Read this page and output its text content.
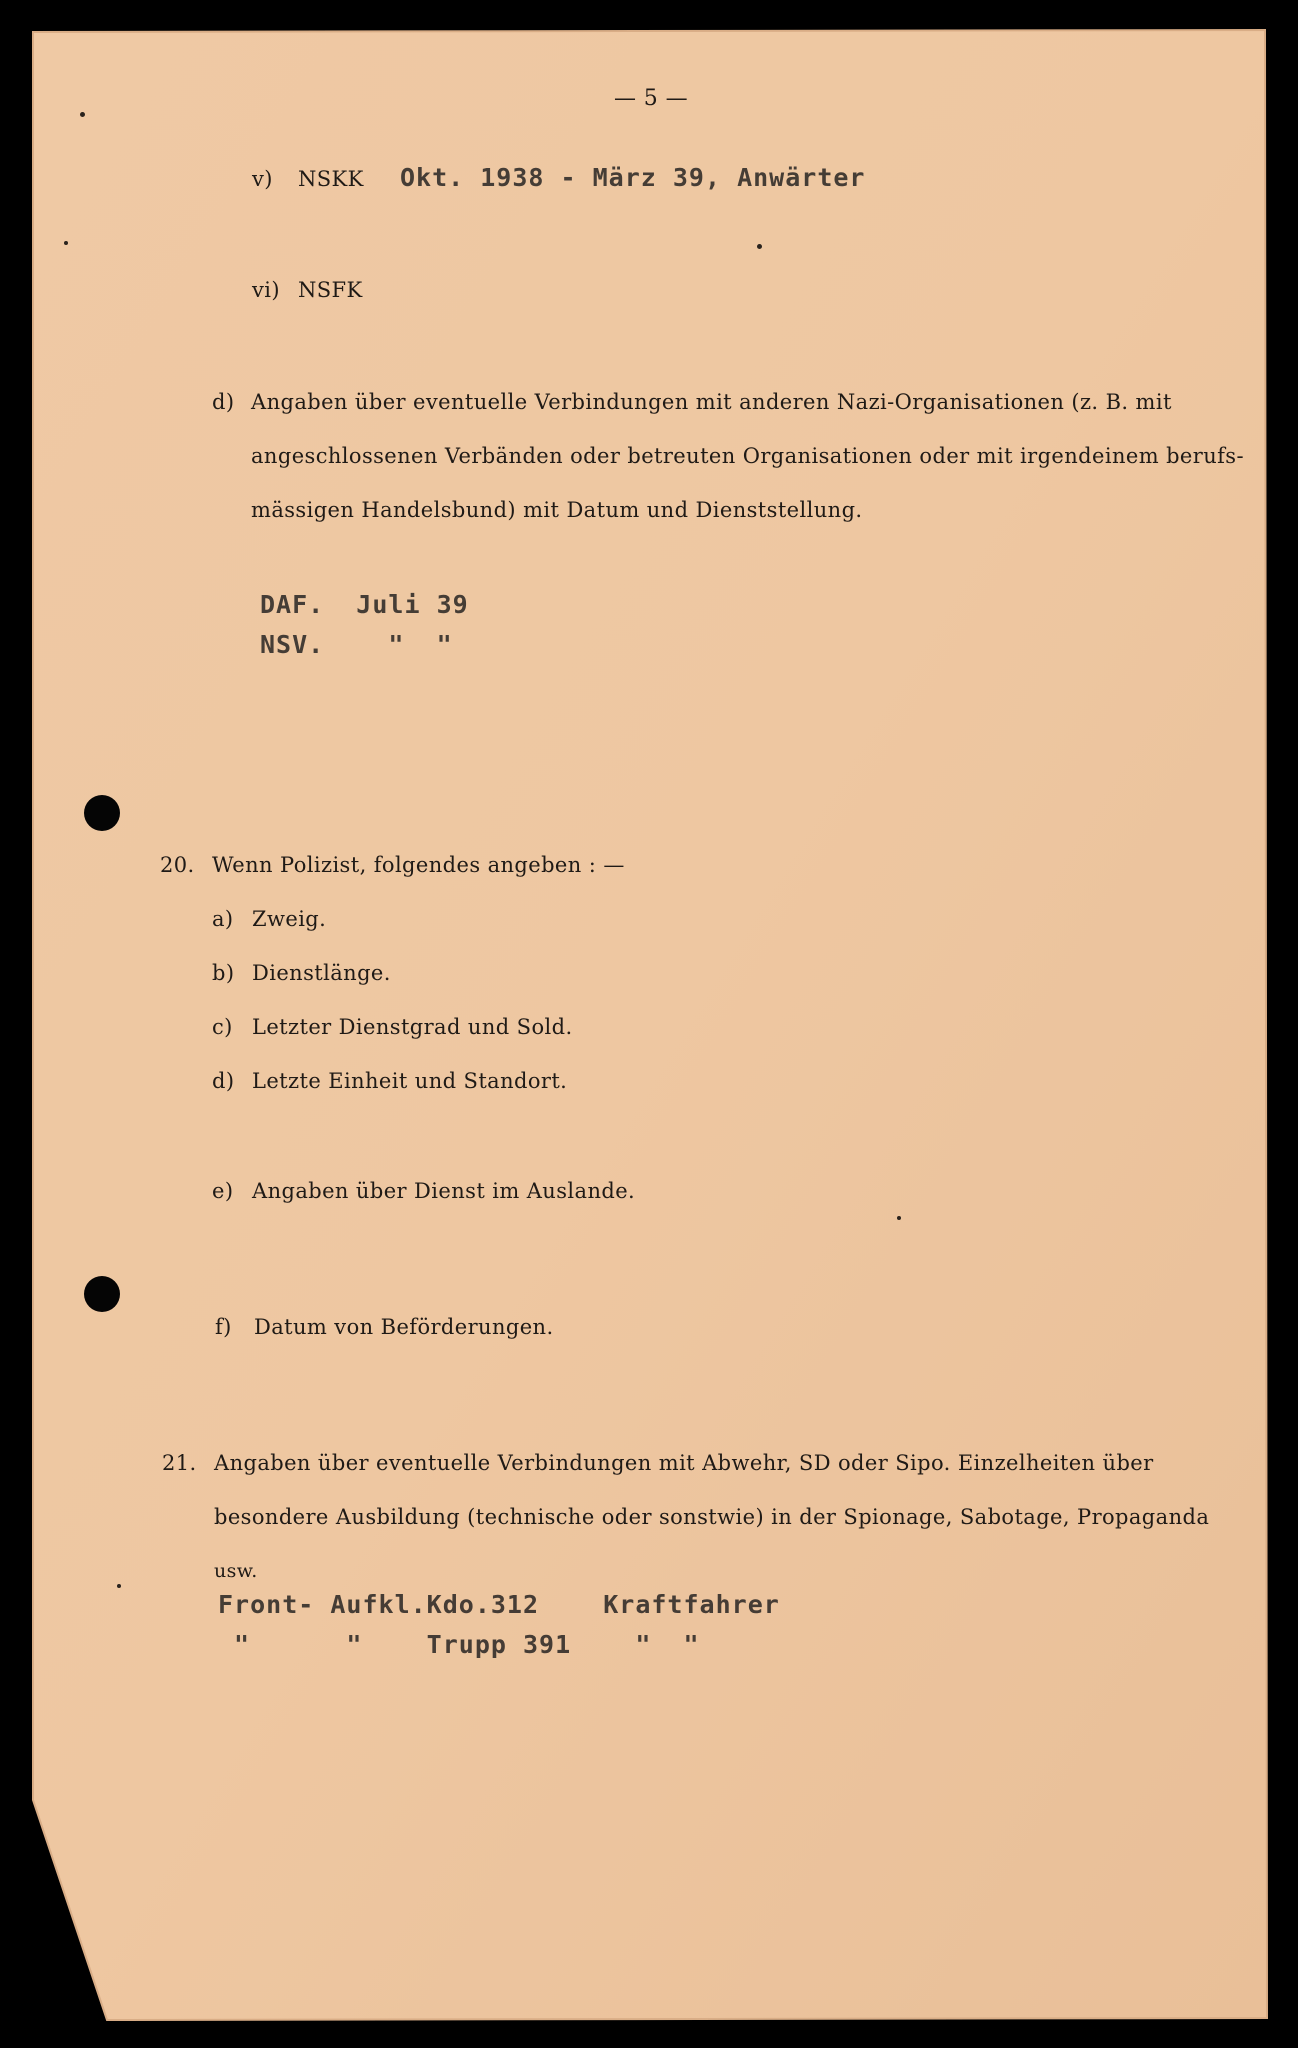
— 5 —
v) NSKK Okt. 1938 - März 39, Anwärter
vi) NSFK
d) Angaben über eventuelle Verbindungen mit anderen Nazi-Organisationen (z. B. mit
angeschlossenen Verbänden oder betreuten Organisationen oder mit irgendeinem berufs-
mässigen Handelsbund) mit Datum und Dienststellung.
DAF.  Juli 39
NSV.    "  "
20. Wenn Polizist, folgendes angeben : —
a) Zweig.
b) Dienstlänge.
c) Letzter Dienstgrad und Sold.
d) Letzte Einheit und Standort.
e) Angaben über Dienst im Auslande.
f) Datum von Beförderungen.
21. Angaben über eventuelle Verbindungen mit Abwehr, SD oder Sipo. Einzelheiten über
besondere Ausbildung (technische oder sonstwie) in der Spionage, Sabotage, Propaganda
usw.
Front- Aufkl.Kdo.312    Kraftfahrer
"      "    Trupp 391    "  "
